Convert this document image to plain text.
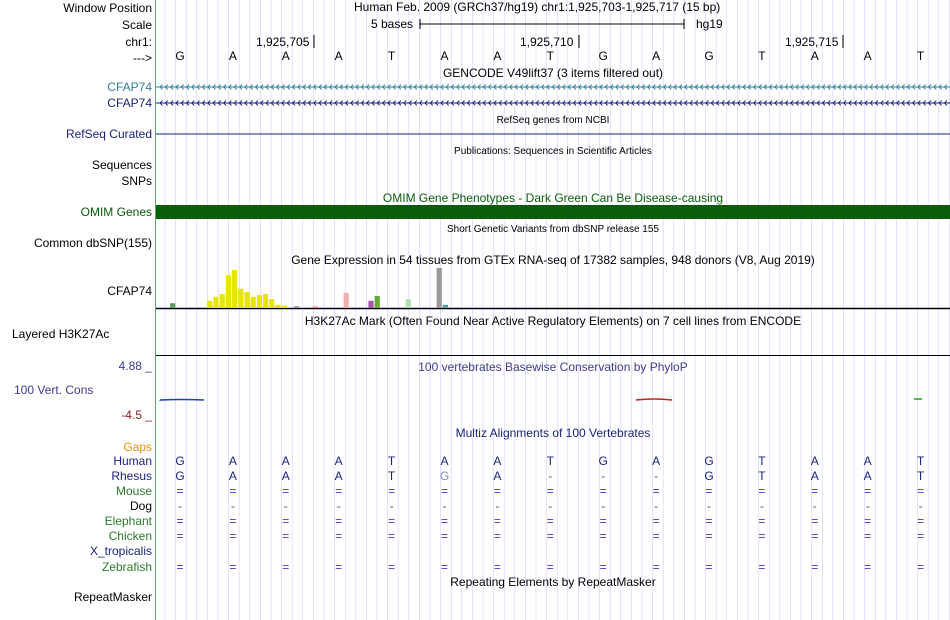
Window Position	Human Feb. 2009 (GRCh37/hg19) chr1:1,925,703-1,925,717 (15 bp)
Scale	5 bases	hg19
chr1:	1,925,705	1,925,710	1,925,715
--->	G	A	A	A	T	A	A	T	G	A	G	T	A	A	T
GENCODE V49lift37 (3 items filtered out)
CFAP74
CFAP74
RefSeq genes from NCBI
RefSeq Curated
Publications: Sequences in Scientific Articles
Sequences
SNPs
OMIM Gene Phenotypes - Dark Green Can Be Disease-causing
OMIM Genes
Short Genetic Variants from dbSNP release 155
Common dbSNP(155)
Gene Expression in 54 tissues from GTEx RNA-seq of 17382 samples, 948 donors (V8, Aug 2019)
CFAP74
H3K27Ac Mark (Often Found Near Active Regulatory Elements) on 7 cell lines from ENCODE
Layered H3K27Ac
100 vertebrates Basewise Conservation by PhyloP
4.88 _
100 Vert. Cons
-4.5 _
Gaps
Multiz Alignments of 100 Vertebrates
Human	G	A	A	A	T	A	A	T	G	A	G	T	A	A	T
Rhesus	G	A	A	A	T	G	A	-	-	-	G	T	A	A	T
Mouse	=	=	=	=	=	=	=	=	=	=	=	=	=	=	=
Dog	-	-	-	-	-	-	-	-	-	-	-	-	-	-	-
Elephant	=	=	=	=	=	=	=	=	=	=	=	=	=	=	=
Chicken	=	=	=	=	=	=	=	=	=	=	=	=	=	=	=
X_tropicalis
Zebrafish	=	=	=	=	=	=	=	=	=	=	=	=	=	=	=
Repeating Elements by RepeatMasker
RepeatMasker
